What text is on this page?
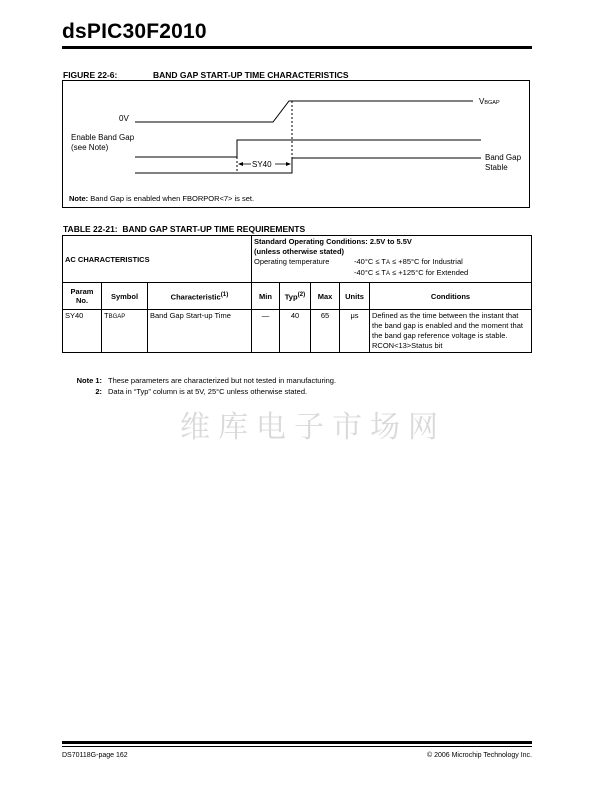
dsPIC30F2010
FIGURE 22-6:	BAND GAP START-UP TIME CHARACTERISTICS
0V
VBGAP
Enable Band Gap
(see Note)
SY40
Band Gap
Stable
Note: Band Gap is enabled when FBORPOR<7> is set.
TABLE 22-21: BAND GAP START-UP TIME REQUIREMENTS
AC CHARACTERISTICS			Standard Operating Conditions: 2.5V to 5.5V
(unless otherwise stated)
Operating temperature -40°C ≤ TA ≤ +85°C for Industrial
-40°C ≤ TA ≤ +125°C for Extended				

Param No.	Symbol	Characteristic$^{(1)}$	Min	Typ$^{(2)}$	Max	Units	Conditions
SY40	TBGAP	Band Gap Start-up Time	—	40	65	μs	Defined as the time between the instant that the band gap is enabled and the moment that the band gap reference voltage is stable.
RCON<13>Status bit
Note 1: These parameters are characterized but not tested in manufacturing.
2: Data in “Typ” column is at 5V, 25°C unless otherwise stated.
维库电子市场网
DS70118G-page 162	© 2006 Microchip Technology Inc.
